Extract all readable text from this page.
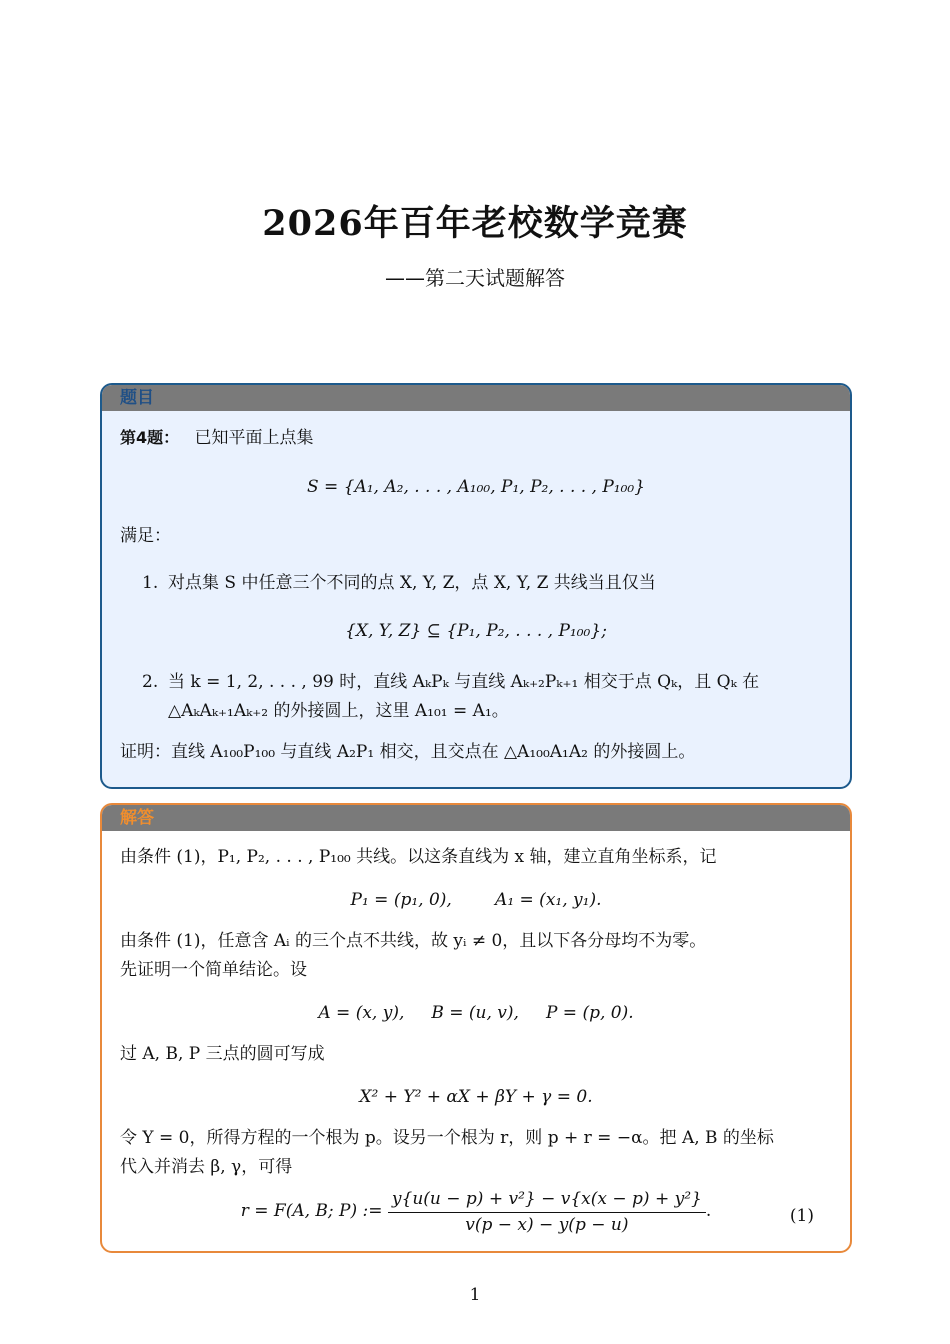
2026年百年老校数学竞赛
——第二天试题解答
题目

第4题： 已知平面上点集

S = {A₁, A₂, . . . , A₁₀₀, P₁, P₂, . . . , P₁₀₀}

满足：

1. 对点集 S 中任意三个不同的点 X, Y, Z，点 X, Y, Z 共线当且仅当

{X, Y, Z} ⊆ {P₁, P₂, . . . , P₁₀₀};

2. 当 k = 1, 2, . . . , 99 时，直线 AₖPₖ 与直线 Aₖ₊₂Pₖ₊₁ 相交于点 Qₖ，且 Qₖ 在
△AₖAₖ₊₁Aₖ₊₂ 的外接圆上，这里 A₁₀₁ = A₁。

证明：直线 A₁₀₀P₁₀₀ 与直线 A₂P₁ 相交，且交点在 △A₁₀₀A₁A₂ 的外接圆上。

解答

由条件 (1)，P₁, P₂, . . . , P₁₀₀ 共线。以这条直线为 x 轴，建立直角坐标系，记

P₁ = (p₁, 0),        A₁ = (x₁, y₁).

由条件 (1)，任意含 Aᵢ 的三个点不共线，故 yᵢ ≠ 0，且以下各分母均不为零。

先证明一个简单结论。设

A = (x, y),     B = (u, v),     P = (p, 0).

过 A, B, P 三点的圆可写成

X² + Y² + αX + βY + γ = 0.

令 Y = 0，所得方程的一个根为 p。设另一个根为 r，则 p + r = −α。把 A, B 的坐标

代入并消去 β, γ，可得

r = F(A, B; P) := $\frac{\text{y\{u(u − p) + v²\} − v\{x(x − p) + y²\}}}{v(p - x) - y(p - u)}$ .	(1)
1
